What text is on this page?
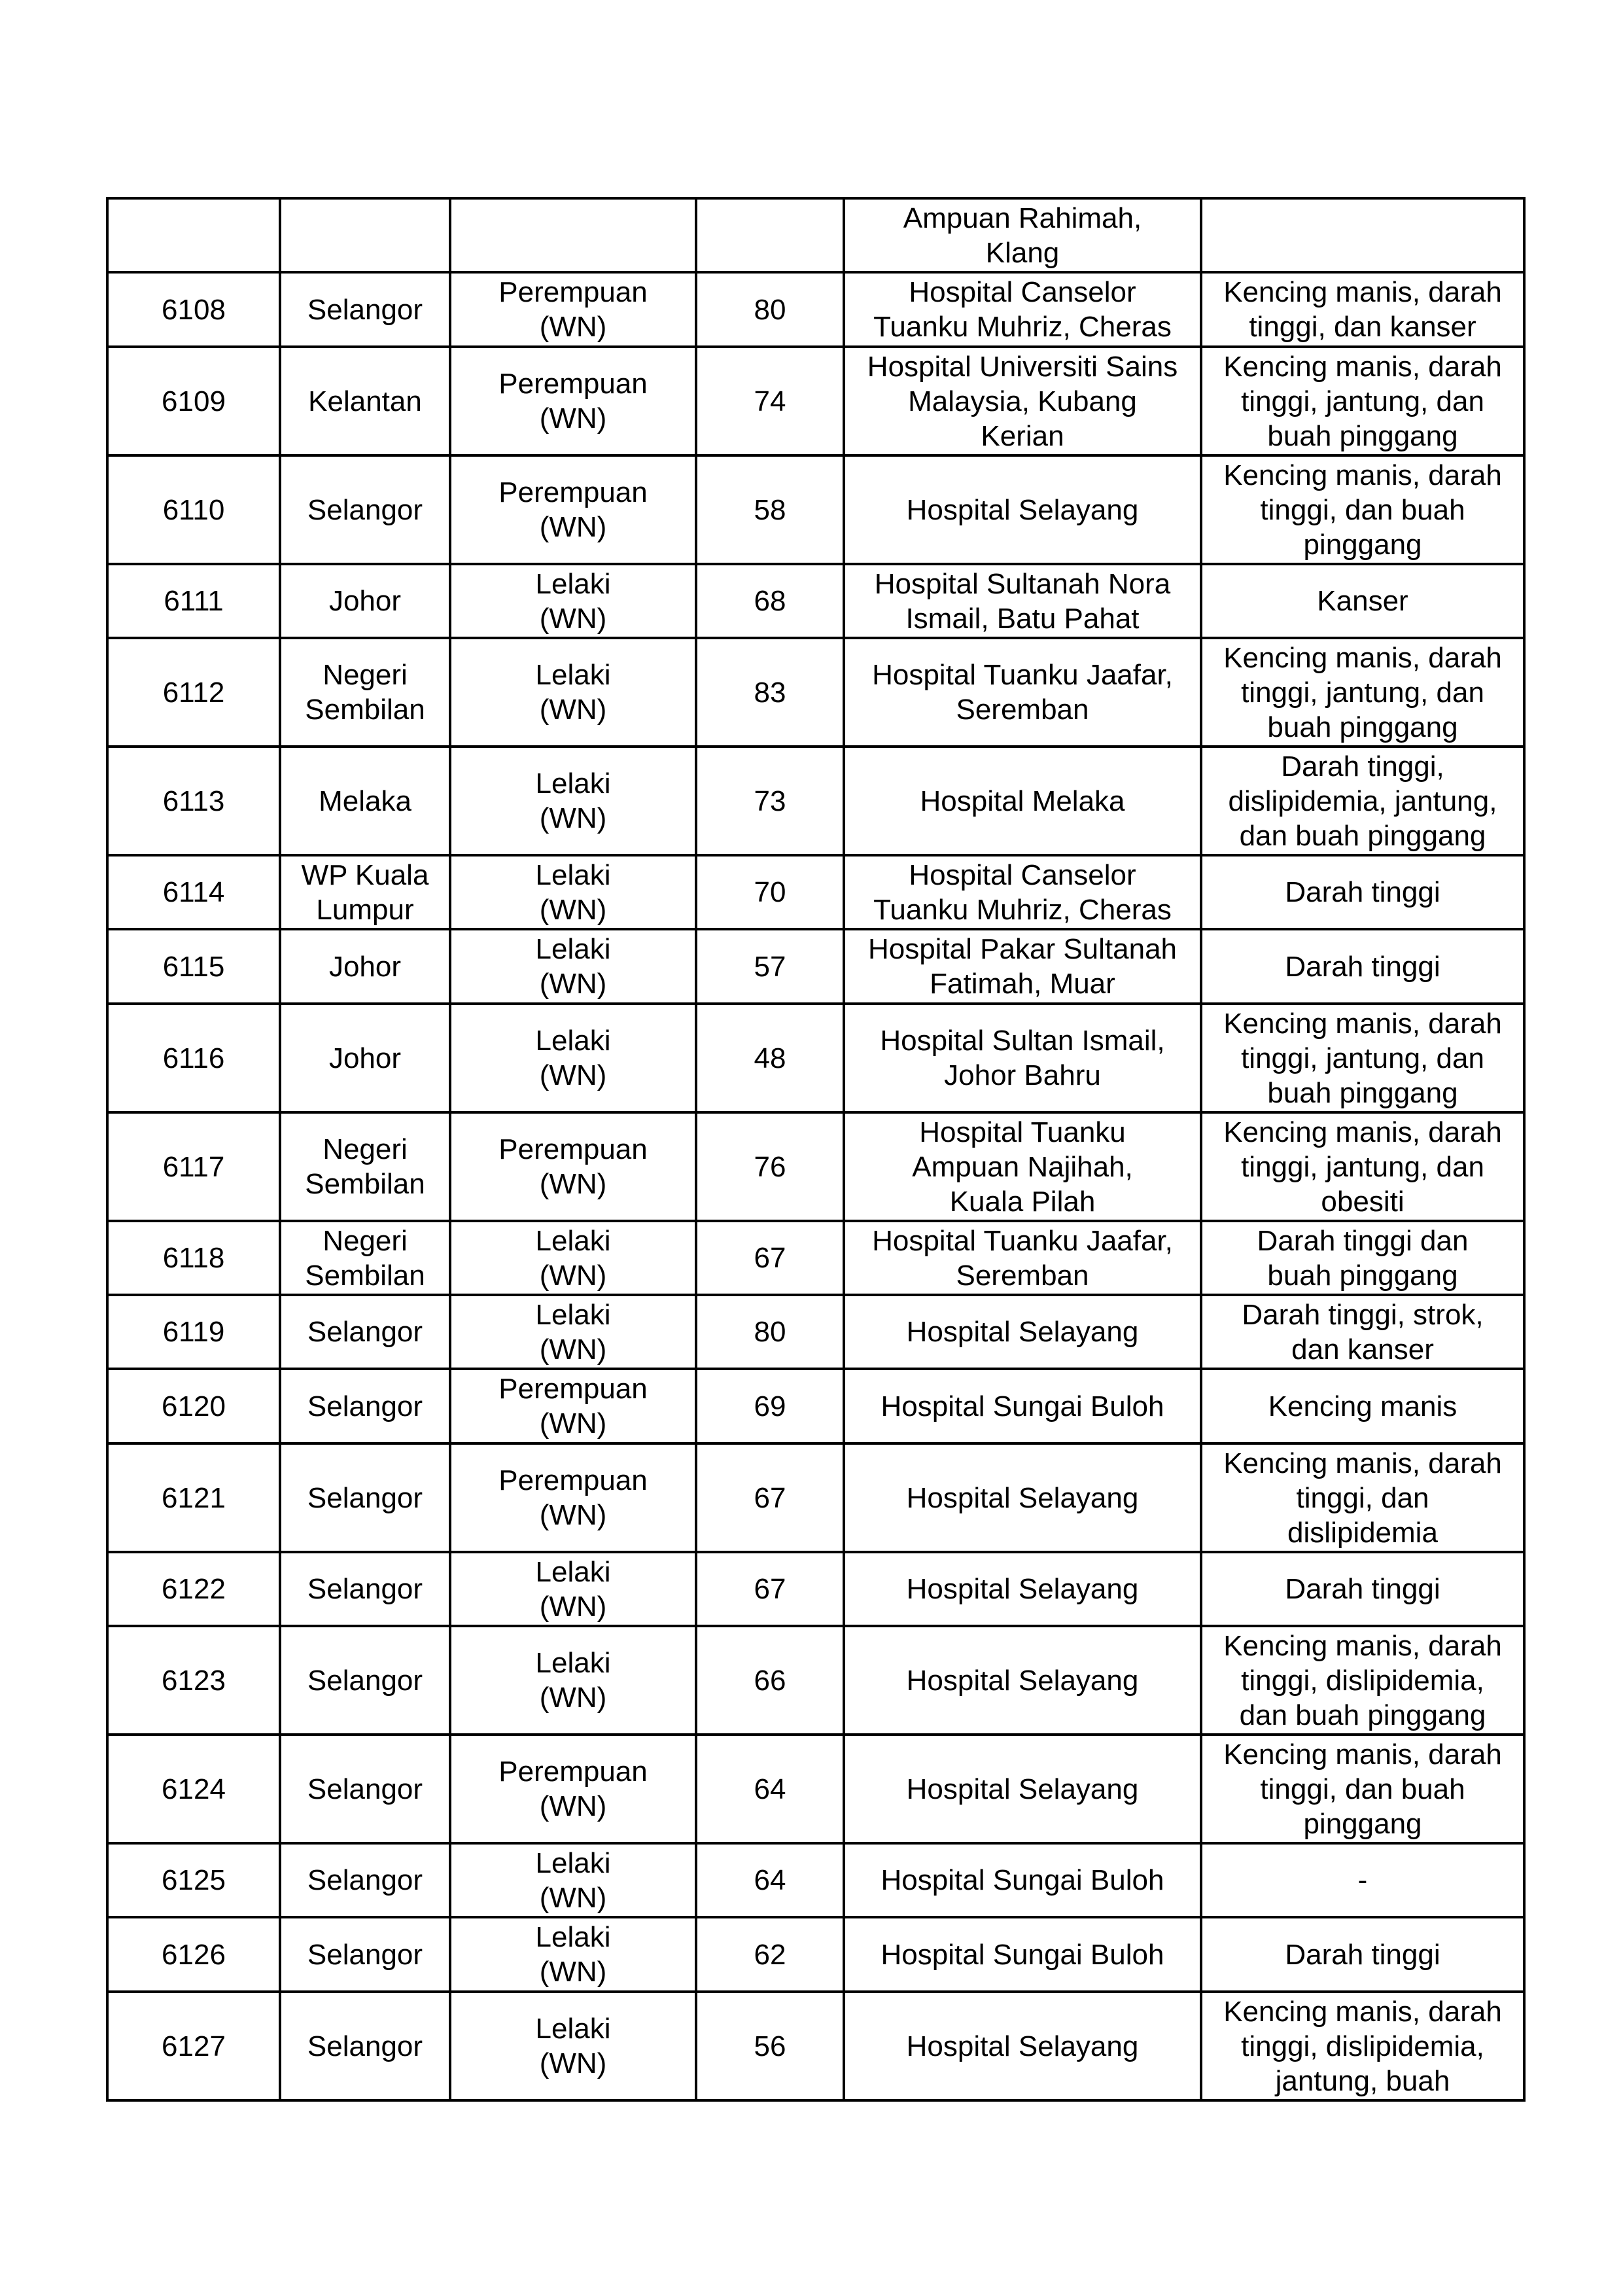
				Ampuan Rahimah,
Klang	
6108	Selangor	Perempuan
(WN)	80	Hospital Canselor
Tuanku Muhriz, Cheras	Kencing manis, darah
tinggi, dan kanser
6109	Kelantan	Perempuan
(WN)	74	Hospital Universiti Sains
Malaysia, Kubang
Kerian	Kencing manis, darah
tinggi, jantung, dan
buah pinggang
6110	Selangor	Perempuan
(WN)	58	Hospital Selayang	Kencing manis, darah
tinggi, dan buah
pinggang
6111	Johor	Lelaki
(WN)	68	Hospital Sultanah Nora
Ismail, Batu Pahat	Kanser
6112	Negeri
Sembilan	Lelaki
(WN)	83	Hospital Tuanku Jaafar,
Seremban	Kencing manis, darah
tinggi, jantung, dan
buah pinggang
6113	Melaka	Lelaki
(WN)	73	Hospital Melaka	Darah tinggi,
dislipidemia, jantung,
dan buah pinggang
6114	WP Kuala
Lumpur	Lelaki
(WN)	70	Hospital Canselor
Tuanku Muhriz, Cheras	Darah tinggi
6115	Johor	Lelaki
(WN)	57	Hospital Pakar Sultanah
Fatimah, Muar	Darah tinggi
6116	Johor	Lelaki
(WN)	48	Hospital Sultan Ismail,
Johor Bahru	Kencing manis, darah
tinggi, jantung, dan
buah pinggang
6117	Negeri
Sembilan	Perempuan
(WN)	76	Hospital Tuanku
Ampuan Najihah,
Kuala Pilah	Kencing manis, darah
tinggi, jantung, dan
obesiti
6118	Negeri
Sembilan	Lelaki
(WN)	67	Hospital Tuanku Jaafar,
Seremban	Darah tinggi dan
buah pinggang
6119	Selangor	Lelaki
(WN)	80	Hospital Selayang	Darah tinggi, strok,
dan kanser
6120	Selangor	Perempuan
(WN)	69	Hospital Sungai Buloh	Kencing manis
6121	Selangor	Perempuan
(WN)	67	Hospital Selayang	Kencing manis, darah
tinggi, dan
dislipidemia
6122	Selangor	Lelaki
(WN)	67	Hospital Selayang	Darah tinggi
6123	Selangor	Lelaki
(WN)	66	Hospital Selayang	Kencing manis, darah
tinggi, dislipidemia,
dan buah pinggang
6124	Selangor	Perempuan
(WN)	64	Hospital Selayang	Kencing manis, darah
tinggi, dan buah
pinggang
6125	Selangor	Lelaki
(WN)	64	Hospital Sungai Buloh	-
6126	Selangor	Lelaki
(WN)	62	Hospital Sungai Buloh	Darah tinggi
6127	Selangor	Lelaki
(WN)	56	Hospital Selayang	Kencing manis, darah
tinggi, dislipidemia,
jantung, buah
